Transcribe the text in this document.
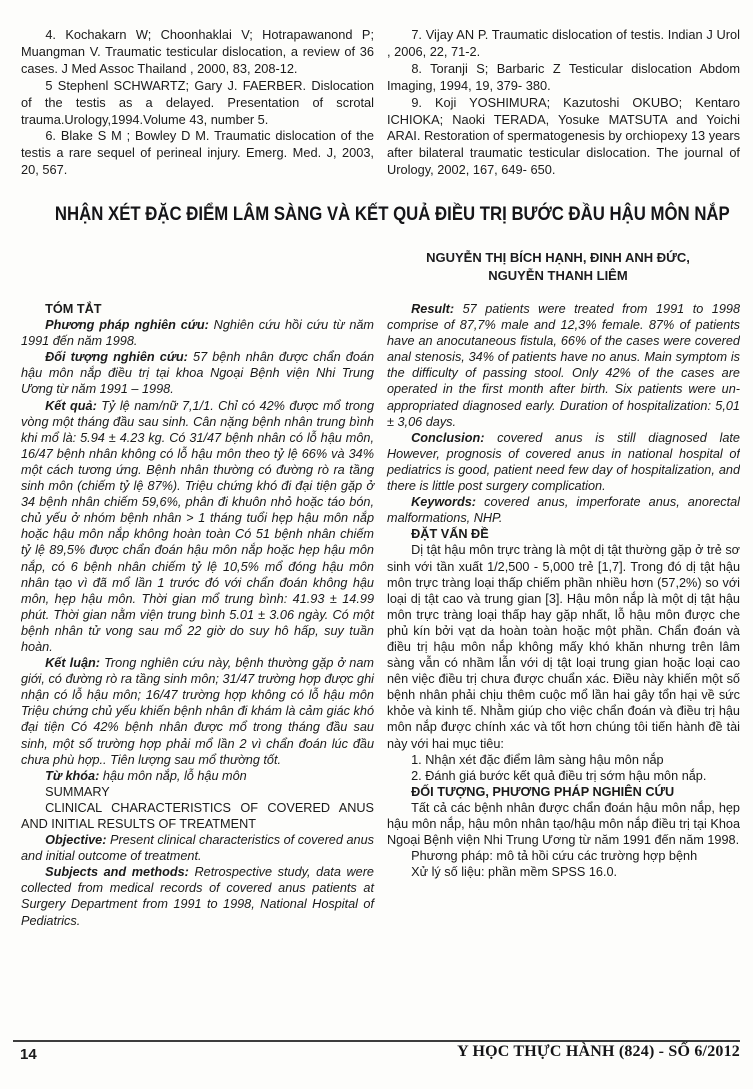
4. Kochakarn W; Choonhaklai V; Hotrapawanond P; Muangman V. Traumatic testicular dislocation, a review of 36 cases. J Med Assoc Thailand , 2000, 83, 208-12.

5 Stephenl SCHWARTZ; Gary J. FAERBER. Dislocation of the testis as a delayed. Presentation of scrotal trauma.Urology,1994.Volume 43, number 5.

6. Blake S M ; Bowley D M. Traumatic dislocation of the testis a rare sequel of perineal injury. Emerg. Med. J, 2003, 20, 567.

7. Vijay AN P. Traumatic dislocation of testis. Indian J Urol , 2006, 22, 71-2.

8. Toranji S; Barbaric Z Testicular dislocation Abdom Imaging, 1994, 19, 379- 380.

9. Koji YOSHIMURA; Kazutoshi OKUBO; Kentaro ICHIOKA; Naoki TERADA, Yosuke MATSUTA and Yoichi ARAI. Restoration of spermatogenesis by orchiopexy 13 years after bilateral traumatic testicular dislocation. The journal of Urology, 2002, 167, 649- 650.

NHẬN XÉT ĐẶC ĐIỂM LÂM SÀNG VÀ KẾT QUẢ ĐIỀU TRỊ BƯỚC ĐẦU HẬU MÔN NẮP
NGUYỄN THỊ BÍCH HẠNH, ĐINH ANH ĐỨC,
NGUYỄN THANH LIÊM

TÓM TẮT

Phương pháp nghiên cứu: Nghiên cứu hồi cứu từ năm 1991 đến năm 1998.

Đối tượng nghiên cứu: 57 bệnh nhân được chẩn đoán hậu môn nắp điều trị tại khoa Ngoại Bệnh viện Nhi Trung Ương từ năm 1991 – 1998.

Kết quả: Tỷ lệ nam/nữ 7,1/1. Chỉ có 42% được mổ trong vòng một tháng đầu sau sinh. Cân nặng bệnh nhân trung bình khi mổ là: 5.94 ± 4.23 kg. Có 31/47 bệnh nhân có lỗ hậu môn, 16/47 bệnh nhân không có lỗ hậu môn theo tỷ lệ 66% và 34% một cách tương ứng. Bệnh nhân thường có đường rò ra tầng sinh môn (chiếm tỷ lệ 87%). Triệu chứng khó đi đại tiện gặp ở 34 bệnh nhân chiếm 59,6%, phân đi khuôn nhỏ hoặc táo bón, chủ yếu ở nhóm bệnh nhân > 1 tháng tuổi hẹp hậu môn nắp hoặc hậu môn nắp không hoàn toàn Có 51 bệnh nhân chiếm tỷ lệ 89,5% được chẩn đoán hậu môn nắp hoặc hẹp hậu môn nắp, có 6 bệnh nhân chiếm tỷ lệ 10,5% mổ đóng hậu môn nhân tạo vì đã mổ lần 1 trước đó với chẩn đoán không hậu môn, hẹp hậu môn. Thời gian mổ trung bình: 41.93 ± 14.99 phút. Thời gian nằm viện trung bình 5.01 ± 3.06 ngày. Có một bệnh nhân tử vong sau mổ 22 giờ do suy hô hấp, suy tuần hoàn.

Kết luận: Trong nghiên cứu này, bệnh thường gặp ở nam giới, có đường rò ra tầng sinh môn; 31/47 trường hợp được ghi nhận có lỗ hậu môn; 16/47 trường hợp không có lỗ hậu môn Triệu chứng chủ yếu khiến bệnh nhân đi khám là cảm giác khó đại tiện Có 42% bệnh nhân được mổ trong tháng đầu sau sinh, một số trường hợp phải mổ lần 2 vì chẩn đoán lúc đầu chưa phù hợp.. Tiên lượng sau mổ thường tốt.

Từ khóa: hậu môn nắp, lỗ hậu môn

SUMMARY

CLINICAL CHARACTERISTICS OF COVERED ANUS AND INITIAL RESULTS OF TREATMENT

Objective: Present clinical characteristics of covered anus and initial outcome of treatment.

Subjects and methods: Retrospective study, data were collected from medical records of covered anus patients at Surgery Department from 1991 to 1998, National Hospital of Pediatrics.

Result: 57 patients were treated from 1991 to 1998 comprise of 87,7% male and 12,3% female. 87% of patients have an anocutaneous fistula, 66% of the cases were covered anal stenosis, 34% of patients have no anus. Main symptom is the difficulty of passing stool. Only 42% of the cases are operated in the first month after birth. Six patients were un-appropriated diagnosed early. Duration of hospitalization: 5,01 ± 3,06 days.

Conclusion: covered anus is still diagnosed late However, prognosis of covered anus in national hospital of pediatrics is good, patient need few day of hospitalization, and there is little post surgery complication.

Keywords: covered anus, imperforate anus, anorectal malformations, NHP.

ĐẶT VẤN ĐỀ

Dị tật hậu môn trực tràng là một dị tật thường gặp ở trẻ sơ sinh với tần xuất 1/2,500 - 5,000 trẻ [1,7]. Trong đó dị tật hậu môn trực tràng loại thấp chiếm phần nhiều hơn (57,2%) so với loại dị tật cao và trung gian [3]. Hậu môn nắp là một dị tật hậu môn trực tràng loại thấp hay gặp nhất, lỗ hậu môn được che phủ kín bởi vạt da hoàn toàn hoặc một phần. Chẩn đoán và điều trị hậu môn nắp không mấy khó khăn nhưng trên lâm sàng vẫn có nhầm lẫn với dị tật loại trung gian hoặc loại cao nên việc điều trị chưa được chuẩn xác. Điều này khiến một số bệnh nhân phải chịu thêm cuộc mổ lần hai gây tổn hại về sức khỏe và kinh tế. Nhằm giúp cho việc chẩn đoán và điều trị hậu môn nắp được chính xác và tốt hơn chúng tôi tiến hành đề tài này với hai mục tiêu:

1. Nhận xét đặc điểm lâm sàng hậu môn nắp

2. Đánh giá bước kết quả điều trị sớm hậu môn nắp.

ĐỐI TƯỢNG, PHƯƠNG PHÁP NGHIÊN CỨU

Tất cả các bệnh nhân được chẩn đoán hậu môn nắp, hẹp hậu môn nắp, hậu môn nhân tạo/hậu môn nắp điều trị tại Khoa Ngoại Bệnh viện Nhi Trung Ương từ năm 1991 đến năm 1998.

Phương pháp: mô tả hồi cứu các trường hợp bệnh

Xử lý số liệu: phần mềm SPSS 16.0.

14	Y HỌC THỰC HÀNH (824) - SỐ 6/2012
